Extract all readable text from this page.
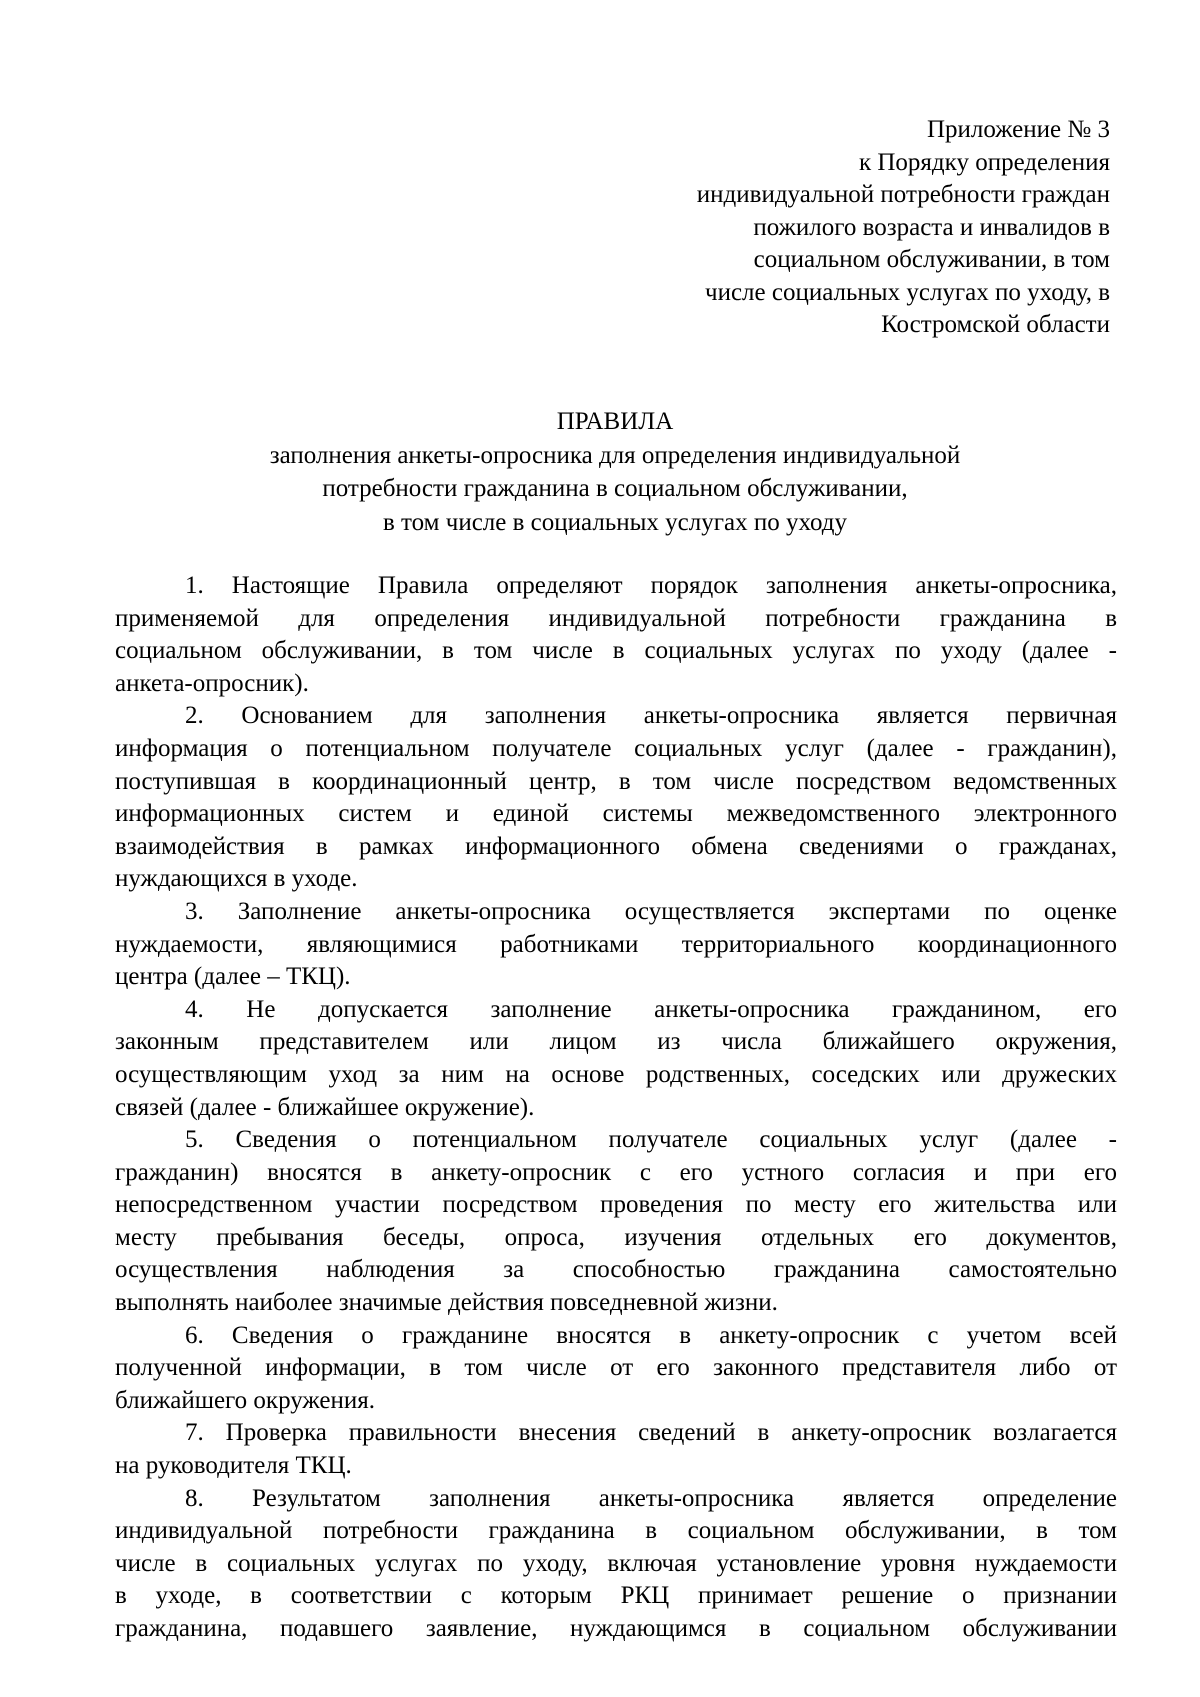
Приложение № 3
к Порядку определения
индивидуальной потребности граждан
пожилого возраста и инвалидов в
социальном обслуживании, в том
числе социальных услугах по уходу, в
Костромской области
ПРАВИЛА
заполнения анкеты-опросника для определения индивидуальной
потребности гражданина в социальном обслуживании,
в том числе в социальных услугах по уходу
1. Настоящие Правила определяют порядок заполнения анкеты-опросника,
применяемой для определения индивидуальной потребности гражданина в
социальном обслуживании, в том числе в социальных услугах по уходу (далее -
анкета-опросник).
2. Основанием для заполнения анкеты-опросника является первичная
информация о потенциальном получателе социальных услуг (далее - гражданин),
поступившая в координационный центр, в том числе посредством ведомственных
информационных систем и единой системы межведомственного электронного
взаимодействия в рамках информационного обмена сведениями о гражданах,
нуждающихся в уходе.
3. Заполнение анкеты-опросника осуществляется экспертами по оценке
нуждаемости, являющимися работниками территориального координационного
центра (далее – ТКЦ).
4. Не допускается заполнение анкеты-опросника гражданином, его
законным представителем или лицом из числа ближайшего окружения,
осуществляющим уход за ним на основе родственных, соседских или дружеских
связей (далее - ближайшее окружение).
5. Сведения о потенциальном получателе социальных услуг (далее -
гражданин) вносятся в анкету-опросник с его устного согласия и при его
непосредственном участии посредством проведения по месту его жительства или
месту пребывания беседы, опроса, изучения отдельных его документов,
осуществления наблюдения за способностью гражданина самостоятельно
выполнять наиболее значимые действия повседневной жизни.
6. Сведения о гражданине вносятся в анкету-опросник с учетом всей
полученной информации, в том числе от его законного представителя либо от
ближайшего окружения.
7. Проверка правильности внесения сведений в анкету-опросник возлагается
на руководителя ТКЦ.
8. Результатом заполнения анкеты-опросника является определение
индивидуальной потребности гражданина в социальном обслуживании, в том
числе в социальных услугах по уходу, включая установление уровня нуждаемости
в уходе, в соответствии с которым РКЦ принимает решение о признании
гражданина, подавшего заявление, нуждающимся в социальном обслуживании
